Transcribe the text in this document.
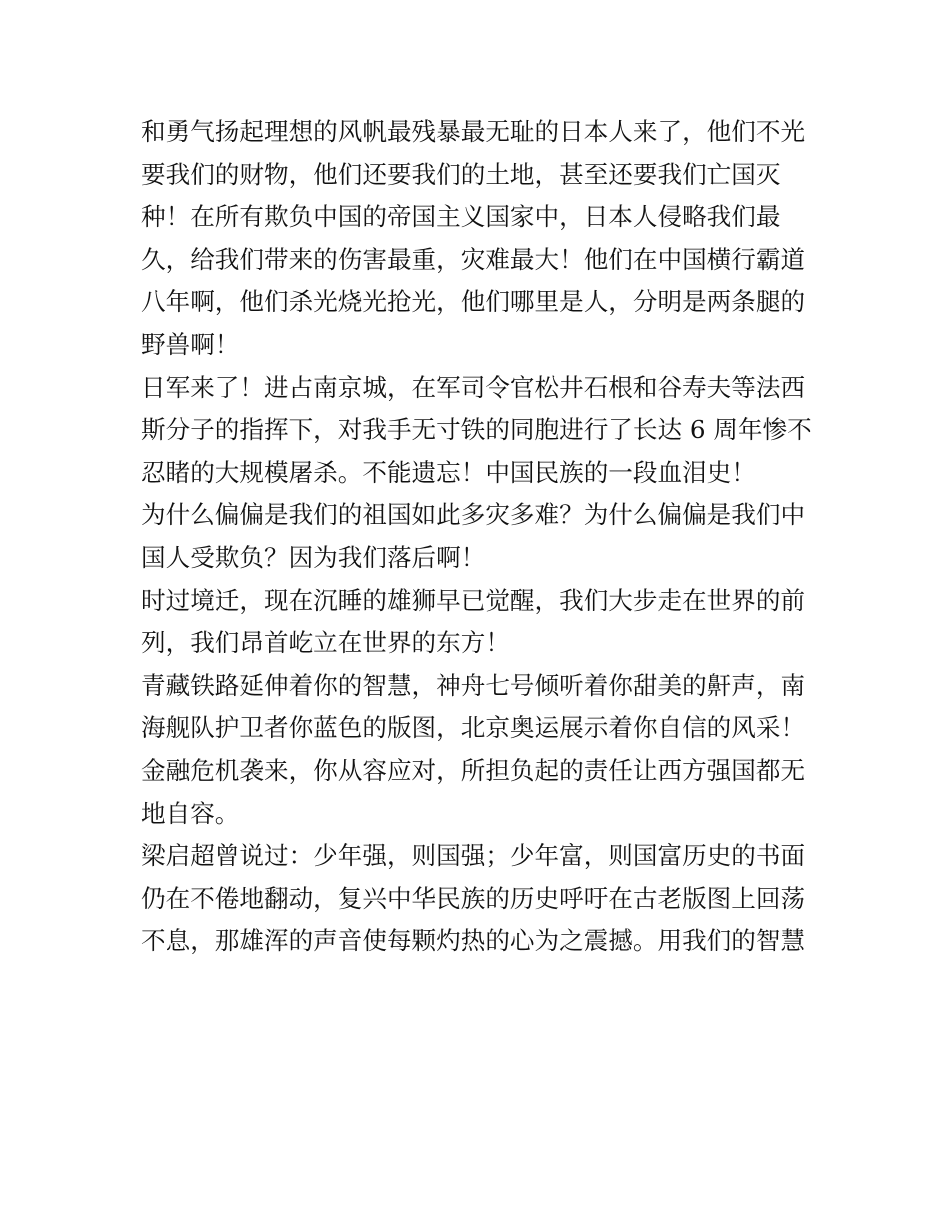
和勇气扬起理想的风帆最残暴最无耻的日本人来了，他们不光
要我们的财物，他们还要我们的土地，甚至还要我们亡国灭
种！在所有欺负中国的帝国主义国家中，日本人侵略我们最
久，给我们带来的伤害最重，灾难最大！他们在中国横行霸道
八年啊，他们杀光烧光抢光，他们哪里是人，分明是两条腿的
野兽啊！
日军来了！进占南京城，在军司令官松井石根和谷寿夫等法西
斯分子的指挥下，对我手无寸铁的同胞进行了长达 6 周年惨不
忍睹的大规模屠杀。不能遗忘！中国民族的一段血泪史！
为什么偏偏是我们的祖国如此多灾多难？为什么偏偏是我们中
国人受欺负？因为我们落后啊！
时过境迁，现在沉睡的雄狮早已觉醒，我们大步走在世界的前
列，我们昂首屹立在世界的东方！
青藏铁路延伸着你的智慧，神舟七号倾听着你甜美的鼾声，南
海舰队护卫者你蓝色的版图，北京奥运展示着你自信的风采！
金融危机袭来，你从容应对，所担负起的责任让西方强国都无
地自容。
梁启超曾说过：少年强，则国强；少年富，则国富历史的书面
仍在不倦地翻动，复兴中华民族的历史呼吁在古老版图上回荡
不息，那雄浑的声音使每颗灼热的心为之震撼。用我们的智慧
